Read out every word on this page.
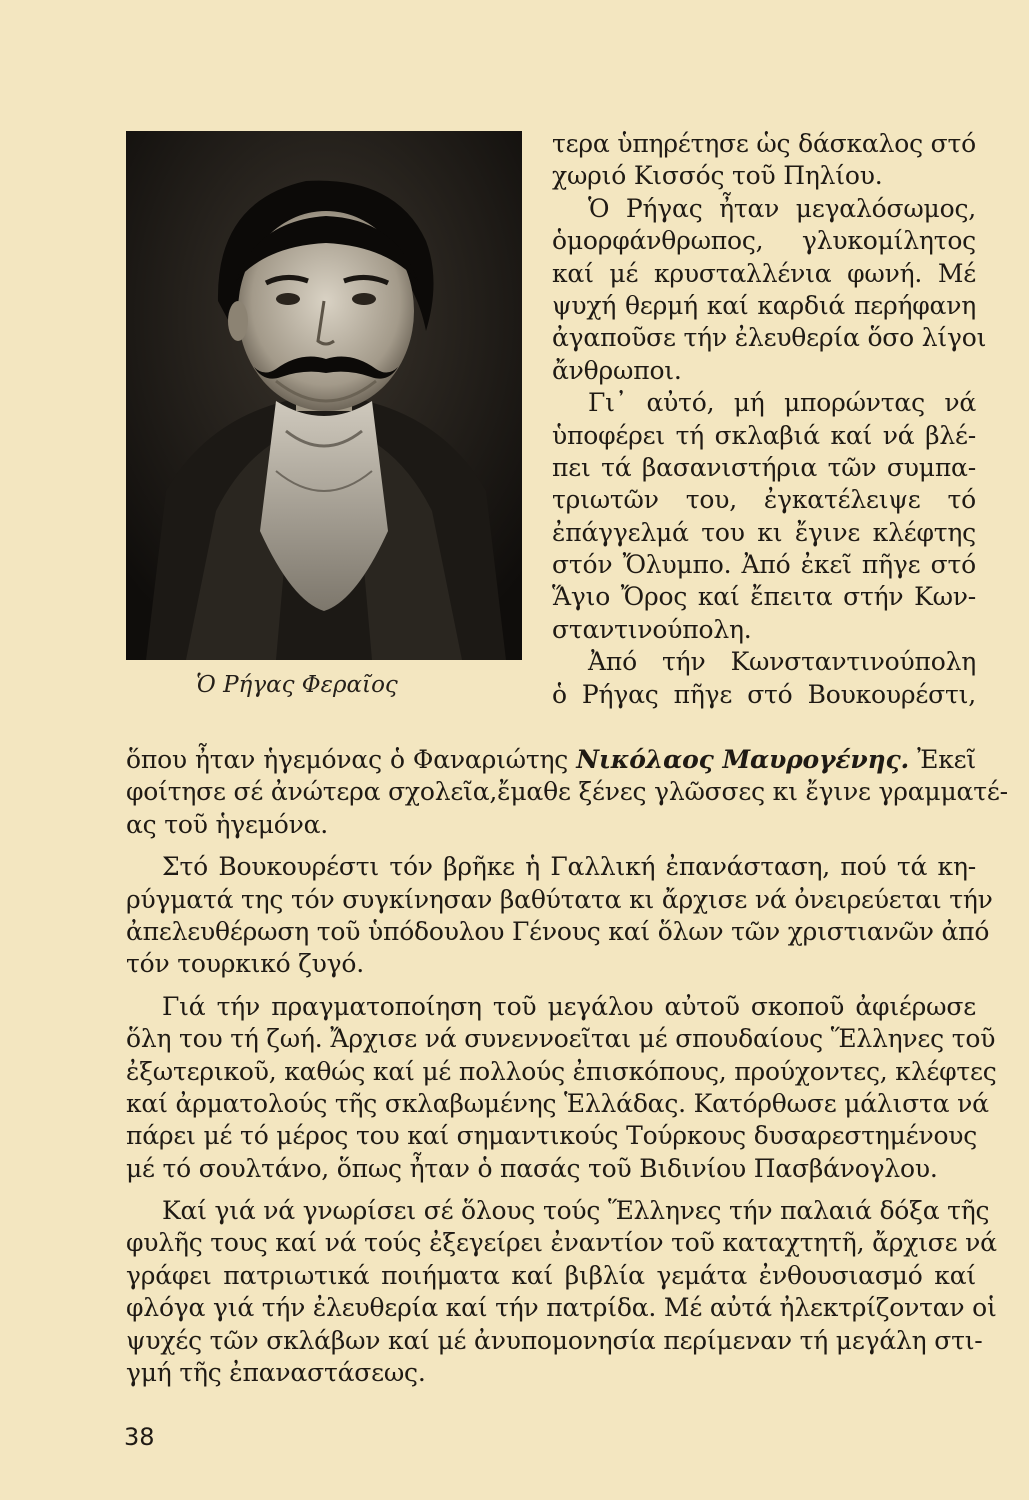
Ὁ Ρήγας Φεραῖος
τερα ὑπηρέτησε ὡς δάσκαλος στό
χωριό Κισσός τοῦ Πηλίου.
Ὁ Ρήγας ἦταν μεγαλόσωμος,
ὁμορφάνθρωπος, γλυκομίλητος
καί μέ κρυσταλλένια φωνή. Μέ
ψυχή θερμή καί καρδιά περήφανη
ἀγαποῦσε τήν ἐλευθερία ὅσο λίγοι
ἄνθρωποι.
Γι᾿ αὐτό, μή μπορώντας νά
ὑποφέρει τή σκλαβιά καί νά βλέ-
πει τά βασανιστήρια τῶν συμπα-
τριωτῶν του, ἐγκατέλειψε τό
ἐπάγγελμά του κι ἔγινε κλέφτης
στόν Ὄλυμπο. Ἀπό ἐκεῖ πῆγε στό
Ἅγιο Ὄρος καί ἔπειτα στήν Κων-
σταντινούπολη.
Ἀπό τήν Κωνσταντινούπολη
ὁ Ρήγας πῆγε στό Βουκουρέστι,
ὅπου ἦταν ἡγεμόνας ὁ Φαναριώτης Νικόλαος Μαυρογένης. Ἐκεῖ
φοίτησε σέ ἀνώτερα σχολεῖα,ἔμαθε ξένες γλῶσσες κι ἔγινε γραμματέ-
ας τοῦ ἡγεμόνα.
Στό Βουκουρέστι τόν βρῆκε ἡ Γαλλική ἐπανάσταση, πού τά κη-
ρύγματά της τόν συγκίνησαν βαθύτατα κι ἄρχισε νά ὀνειρεύεται τήν
ἀπελευθέρωση τοῦ ὑπόδουλου Γένους καί ὅλων τῶν χριστιανῶν ἀπό
τόν τουρκικό ζυγό.
Γιά τήν πραγματοποίηση τοῦ μεγάλου αὐτοῦ σκοποῦ ἀφιέρωσε
ὅλη του τή ζωή. Ἄρχισε νά συνεννοεῖται μέ σπουδαίους Ἕλληνες τοῦ
ἐξωτερικοῦ, καθώς καί μέ πολλούς ἐπισκόπους, προύχοντες, κλέφτες
καί ἀρματολούς τῆς σκλαβωμένης Ἑλλάδας. Κατόρθωσε μάλιστα νά
πάρει μέ τό μέρος του καί σημαντικούς Τούρκους δυσαρεστημένους
μέ τό σουλτάνο, ὅπως ἦταν ὁ πασάς τοῦ Βιδινίου Πασβάνογλου.
Καί γιά νά γνωρίσει σέ ὅλους τούς Ἕλληνες τήν παλαιά δόξα τῆς
φυλῆς τους καί νά τούς ἐξεγείρει ἐναντίον τοῦ καταχτητῆ, ἄρχισε νά
γράφει πατριωτικά ποιήματα καί βιβλία γεμάτα ἐνθουσιασμό καί
φλόγα γιά τήν ἐλευθερία καί τήν πατρίδα. Μέ αὐτά ἠλεκτρίζονταν οἱ
ψυχές τῶν σκλάβων καί μέ ἀνυπομονησία περίμεναν τή μεγάλη στι-
γμή τῆς ἐπαναστάσεως.
38
